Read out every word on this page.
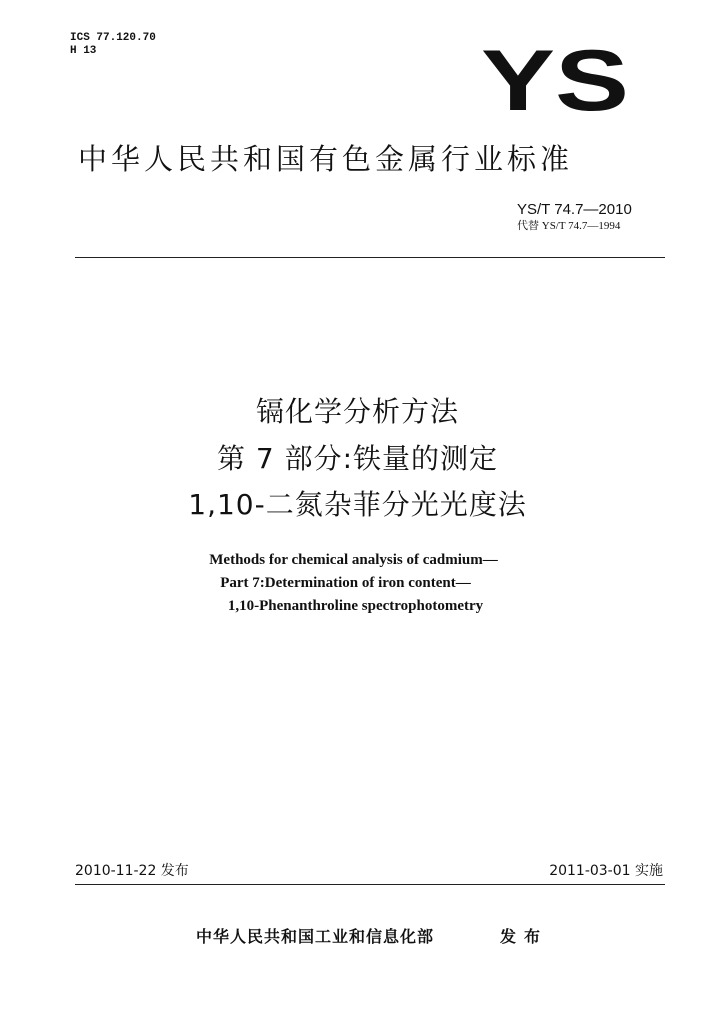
ICS 77.120.70
H 13	YS
中华人民共和国有色金属行业标准
YS/T 74.7—2010
代替 YS/T 74.7—1994
镉化学分析方法
第 7 部分:铁量的测定
1,10-二氮杂菲分光光度法
Methods for chemical analysis of cadmium—
Part 7:Determination of iron content—
1,10-Phenanthroline spectrophotometry
2010-11-22 发布	2011-03-01 实施
中华人民共和国工业和信息化部	发布
